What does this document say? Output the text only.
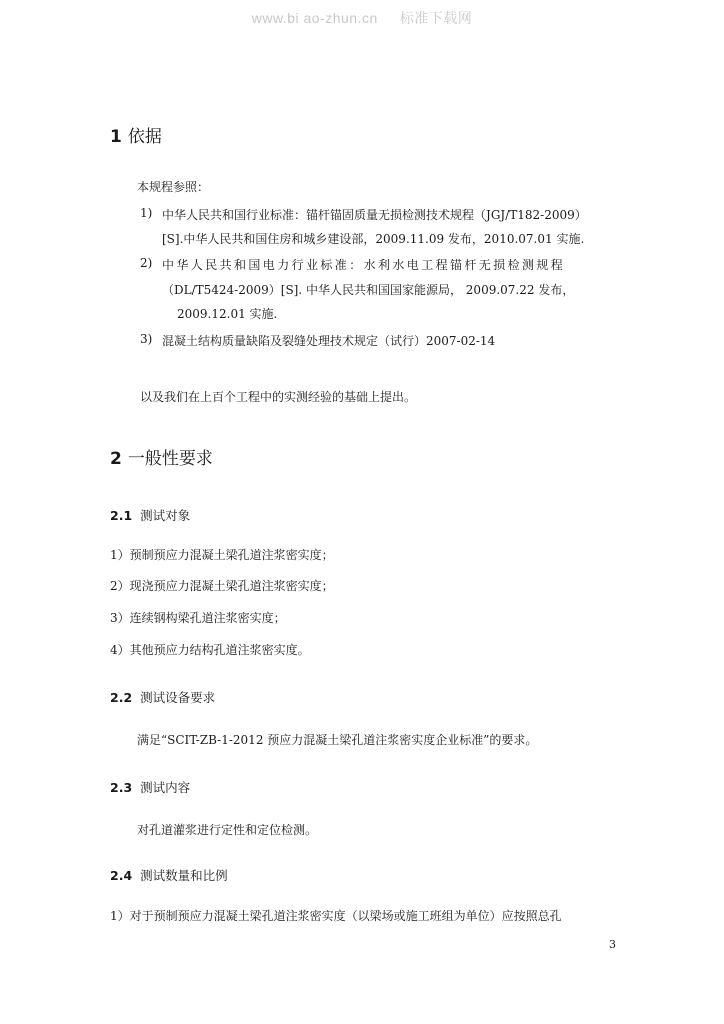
www.bi ao-zhun.cn 标准下载网
1 依据
本规程参照：
1) 中华人民共和国行业标准：锚杆锚固质量无损检测技术规程（JGJ/T182-2009）
[S].中华人民共和国住房和城乡建设部，2009.11.09 发布，2010.07.01 实施.
2) 中华人民共和国电力行业标准：水利水电工程锚杆无损检测规程
（DL/T5424-2009）[S]. 中华人民共和国国家能源局， 2009.07.22 发布，
2009.12.01 实施.
3) 混凝土结构质量缺陷及裂缝处理技术规定（试行）2007-02-14
以及我们在上百个工程中的实测经验的基础上提出。
2 一般性要求
2.1 测试对象
1）预制预应力混凝土梁孔道注浆密实度；
2）现浇预应力混凝土梁孔道注浆密实度；
3）连续钢构梁孔道注浆密实度；
4）其他预应力结构孔道注浆密实度。
2.2 测试设备要求
满足“SCIT-ZB-1-2012 预应力混凝土梁孔道注浆密实度企业标准”的要求。
2.3 测试内容
对孔道灌浆进行定性和定位检测。
2.4 测试数量和比例
1）对于预制预应力混凝土梁孔道注浆密实度（以梁场或施工班组为单位）应按照总孔
3
